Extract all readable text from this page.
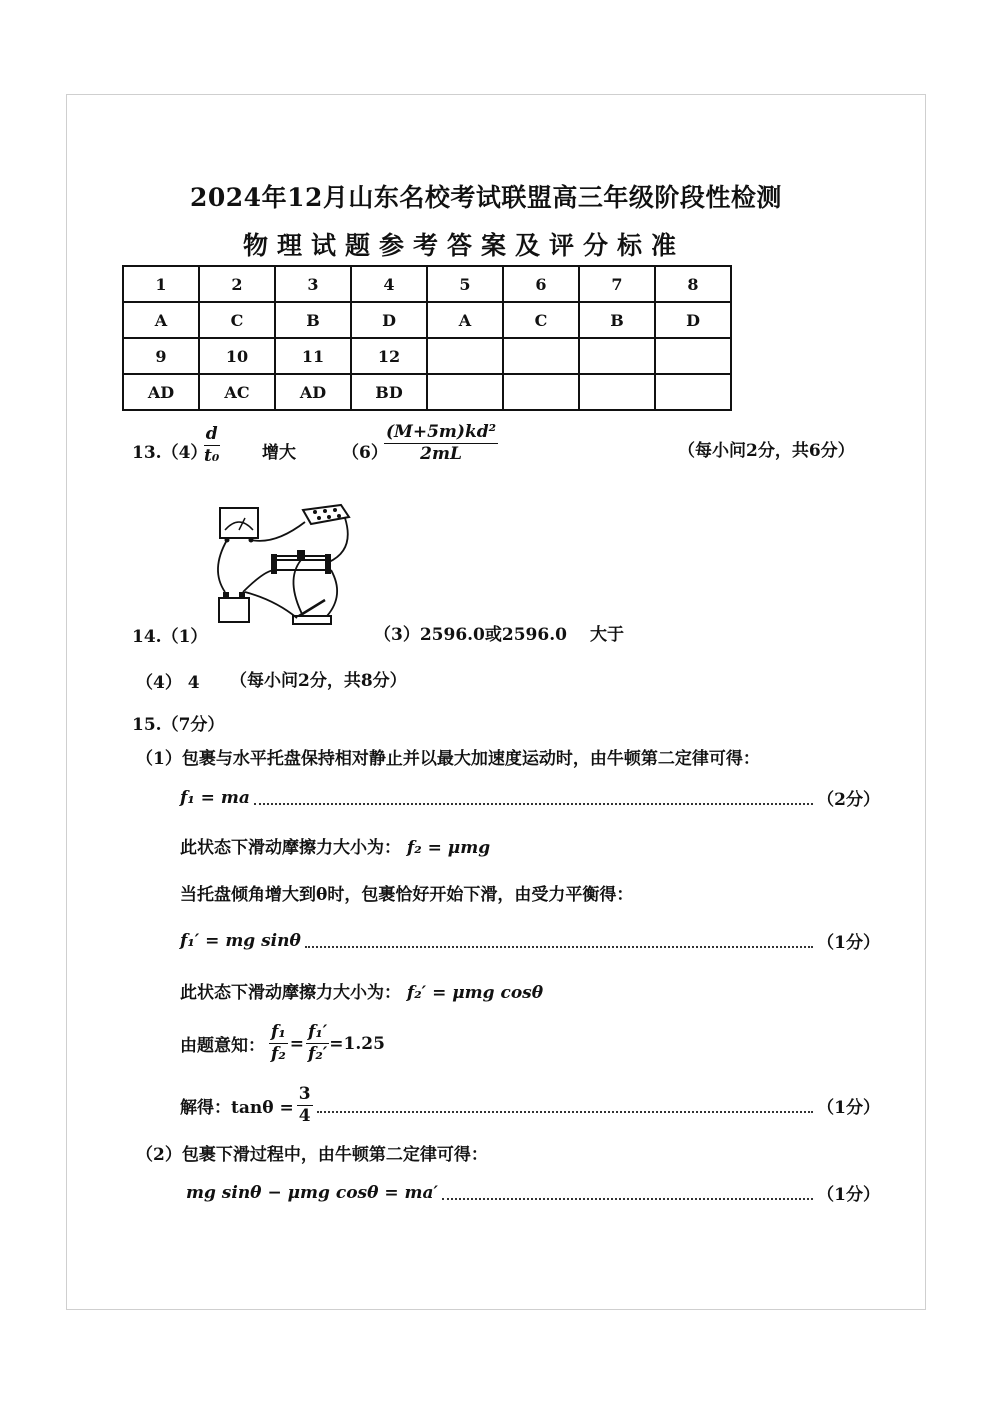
2024年12月山东名校考试联盟高三年级阶段性检测
物理试题参考答案及评分标准
1	2	3	4	5	6	7	8
A	C	B	D	A	C	B	D
9	10	11	12				
AD	AC	AD	BD				
13.（4）
$\frac{d}{\text{t₀}}$ 增大	（6）
$\frac{\text{(M+5m)kd²}}{2mL}$	（每小问2分，共6分）
14.（1）	（3）2596.0或2596.0 大于
（4） 4 （每小问2分，共8分）
15.（7分）
（1）包裹与水平托盘保持相对静止并以最大加速度运动时，由牛顿第二定律可得：
f₁ = ma	（2分）
此状态下滑动摩擦力大小为： f₂ = μmg
当托盘倾角增大到θ时，包裹恰好开始下滑，由受力平衡得：
f₁′ = mg sinθ	（1分）
此状态下滑动摩擦力大小为： f₂′ = μmg cosθ
由题意知： $\frac{\text{f₁}}{\text{f₂}} = \frac{\text{f₁′}}{\text{f₂′}} =1.25$
解得：$\tan\theta = \frac{3}{4}$	（1分）
（2）包裹下滑过程中，由牛顿第二定律可得：
mg sinθ − μmg cosθ = ma′	（1分）
